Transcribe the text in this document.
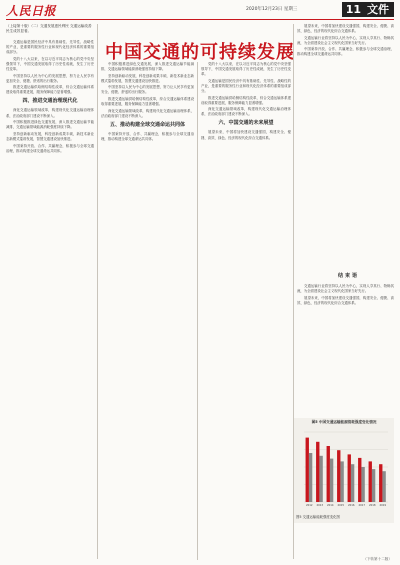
人民日报	2020年12月23日 星期三	11 文件
（上接第十版）（二）交通发展惠民利民 交通运输改善民生成效显著。
中国交通的可持续发展

交通运输是国民经济中具有基础性、先导性、战略性的产业，是重要的服务性行业和现代化经济体系的重要组成部分。

党的十八大以来，在以习近平同志为核心的党中央坚强领导下，中国交通发展取得了历史性成就，发生了历史性变革。

中国坚持以人民为中心的发展思想，努力让人民享有更加安全、便捷、舒适的出行服务。

推进交通运输供给侧结构性改革，综合交通运输体系建设取得重要进展，服务保障能力显著增强。

四、推进交通治理现代化

深化交通运输领域改革，构建现代化交通运输治理体系，法治政府部门建设不断深入。

中国积极推进绿色交通发展，深入推进交通运输节能减排，交通运输领域能源消耗强度持续下降。

坚持创新驱动发展，科技创新成果丰硕，新技术新业态新模式蓬勃发展，智慧交通建设加快推进。

中国秉持开放、合作、共赢理念，积极参与全球交通治理，推动构建全球交通命运共同体。

中国积极推进绿色交通发展，深入推进交通运输节能减排，交通运输领域能源消耗强度持续下降。

坚持创新驱动发展，科技创新成果丰硕，新技术新业态新模式蓬勃发展，智慧交通建设加快推进。

中国坚持以人民为中心的发展思想，努力让人民享有更加安全、便捷、舒适的出行服务。

推进交通运输供给侧结构性改革，综合交通运输体系建设取得重要进展，服务保障能力显著增强。

深化交通运输领域改革，构建现代化交通运输治理体系，法治政府部门建设不断深入。

五、推动构建全球交通命运共同体

中国秉持开放、合作、共赢理念，积极参与全球交通治理，推动构建全球交通命运共同体。

党的十八大以来，在以习近平同志为核心的党中央坚强领导下，中国交通发展取得了历史性成就，发生了历史性变革。

交通运输是国民经济中具有基础性、先导性、战略性的产业，是重要的服务性行业和现代化经济体系的重要组成部分。

推进交通运输供给侧结构性改革，综合交通运输体系建设取得重要进展，服务保障能力显著增强。

深化交通运输领域改革，构建现代化交通运输治理体系，法治政府部门建设不断深入。

六、中国交通的未来展望

展望未来，中国将加快建设交通强国，构建安全、便捷、高效、绿色、经济的现代化综合交通体系。

展望未来，中国将加快建设交通强国，构建安全、便捷、高效、绿色、经济的现代化综合交通体系。

交通运输行业将坚持以人民为中心，实现人享其行、物畅其流，为全面建设社会主义现代化国家当好先行。

中国秉持开放、合作、共赢理念，积极参与全球交通治理，推动构建全球交通命运共同体。

结束语

交通运输行业将坚持以人民为中心，实现人享其行、物畅其流，为全面建设社会主义现代化国家当好先行。

展望未来，中国将加快建设交通强国，构建安全、便捷、高效、绿色、经济的现代化综合交通体系。

图5 中国交通运输能源消耗强度变化情况
2012 2013 2014 2015 2016 2017 2018 2019
图5 交通运输能耗强度变化图
（下转第十二版）
